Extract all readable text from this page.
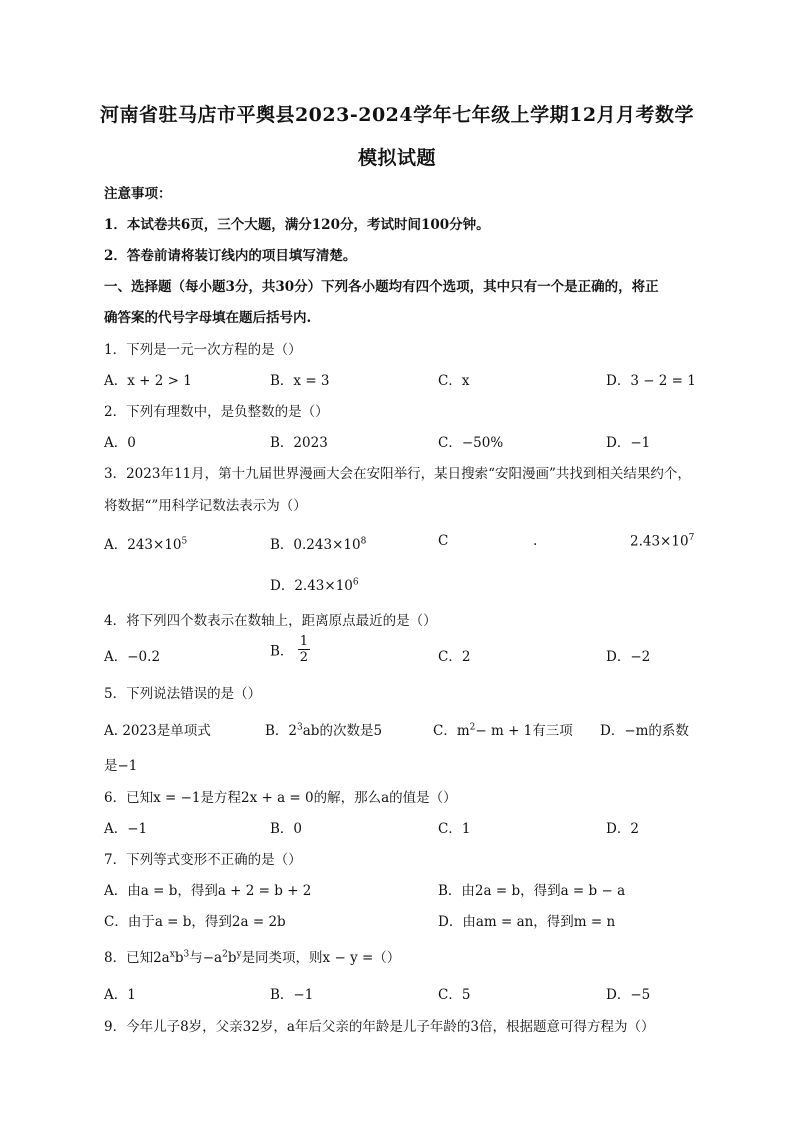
河南省驻马店市平舆县2023-2024学年七年级上学期12月月考数学
模拟试题
注意事项：
1．本试卷共6页，三个大题，满分120分，考试时间100分钟。
2．答卷前请将装订线内的项目填写清楚。
一、选择题（每小题3分，共30分）下列各小题均有四个选项，其中只有一个是正确的，将正
确答案的代号字母填在题后括号内.
1．下列是一元一次方程的是（）
A．x + 2 > 1	B．x = 3	C．x	D．3 − 2 = 1
2．下列有理数中，是负整数的是（）
A．0	B．2023	C．−50%	D．−1
3．2023年11月，第十九届世界漫画大会在安阳举行，某日搜索“安阳漫画”共找到相关结果约个，
将数据“”用科学记数法表示为（）
A．$243\times 10^5$	B．$0.243\times 10^8$	C	.	$2.43\times 10^7$
D．$2.43\times 10^6$
4．将下列四个数表示在数轴上，距离原点最近的是（）
A．−0.2	B． $\frac{1}{2}$	C．2	D．−2
5．下列说法错误的是（）
A. 2023是单项式	B．$2^3ab$的次数是5	C．$m^2- m + 1$有三项 D．−m的系数
是−1
6．已知x = −1是方程2x + a = 0的解，那么a的值是（）
A．−1	B．0	C．1	D．2
7．下列等式变形不正确的是（）
A．由a = b，得到a + 2 = b + 2	B．由2a = b，得到a = b − a
C．由于a = b，得到2a = 2b	D．由am = an，得到m = n
8．已知$2a^xb^3$与$-a^2b^y$是同类项，则x − y =（）
A．1	B．−1	C．5	D．−5
9．今年儿子8岁，父亲32岁，a年后父亲的年龄是儿子年龄的3倍，根据题意可得方程为（）
